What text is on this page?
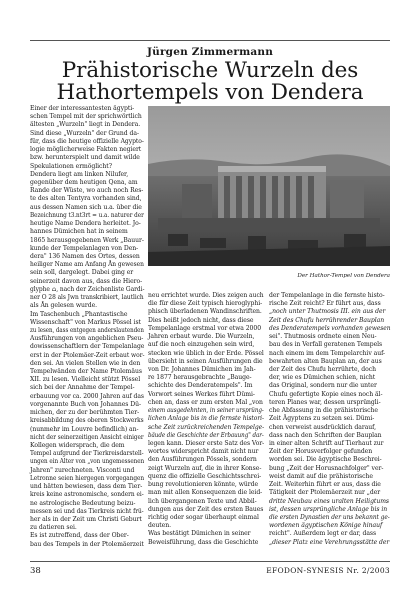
Jürgen Zimmermann
Prähistorische Wurzeln des
Hathortempels von Dendera
Einer der interessantesten ägypti-
schen Tempel mit der sprichwörtlich
ältesten „Wurzeln" liegt in Dendera.
Sind diese „Wurzeln" der Grund da-
für, dass die heutige offizielle Ägypto-
logie möglicherweise Fakten negiert
bzw. herunterspielt und damit wilde
Spekulationen ermöglicht?
Dendera liegt am linken Nilufer,
gegenüber dem heutigen Qena, am
Rande der Wüste, wo auch noch Res-
te des alten Tentyra vorhanden sind,
aus dessen Namen sich u.a. über die
Bezeichnung t3.nt3rt = u.a. naturer der
heutige Name Dendera herleitet. Jo-
hannes Dümichen hat in seinem
1865 herausgegebenen Werk „Bauur-
kunde der Tempelanlagen von Den-
dera" 136 Namen des Ortes, dessen
heiliger Name am Anfang Ån gewesen
sein soll, dargelegt. Dabei ging er
seinerzeit davon aus, dass die Hiero-
glyphe ⌂, nach der Zeichenliste Gardi-
ner O 28 als Jwn transkribiert, lautlich
als Ån gelesen wurde.
Im Taschenbuch „Phantastische
Wissenschaft" von Markus Pössel ist
zu lesen, dass entgegen anderslautenden
Ausführungen von angeblichen Pseu-
dowissenschaftlern der Tempelanlage
erst in der Ptolemäer-Zeit erbaut wor-
den sei. An vielen Stellen wie in den
Tempelwänden der Name Ptolemäus
XII. zu lesen. Vielleicht stützt Pössel
sich bei der Annahme der Tempel-
erbauung vor ca. 2000 Jahren auf das
vorgenannte Buch von Johannes Dü-
michen, der zu der berühmten Tier-
kreisabbildung des oberen Stockwerks
(nunmehr im Louvre befindlich) an-
nicht der seinerzeitigen Ansicht einiger
Kollegen widersprach, die dem
Tempel aufgrund der Tierkreisdarstell-
ungen ein Alter von „von ungemessenen
Jahren" zurechneten. Visconti und
Letronne seien hiergegen vorgegangen
und hätten bewiesen, dass dem Tier-
kreis keine astronomische, sondern ei-
ne astrologische Bedeutung beizu-
messen sei und das Tierkreis nicht frü-
her als in der Zeit um Christi Geburt
zu datieren sei.
Es ist zutreffend, dass der Ober-
bau des Tempels in der Ptolemäerzeit
Der Hathor-Tempel von Dendera
neu errichtet wurde. Dies zeigen auch
die für diese Zeit typisch hieroglyphi-
phisch überladenen Wandinschriften.
Dies heißt jedoch nicht, dass diese
Tempelanlage erstmal vor etwa 2000
Jahren erbaut wurde. Die Wurzeln,
auf die noch einzugehen sein wird,
stecken wie üblich in der Erde. Pössel
übersieht in seinen Ausführungen die
von Dr. Johannes Dümichen im Jah-
re 1877 herausgebrachte „Bauge-
schichte des Denderatempels". Im
Vorwort seines Werkes führt Dümi-
chen an, dass er zum ersten Mal „von
einem ausgedehnten, in seiner ursprüng-
lichen Anlage bis in die fernste histori-
sche Zeit zurückreichenden Tempelge-
bäude die Geschichte der Erbauung" dar-
legen kann. Dieser erste Satz des Vor-
wortes widerspricht damit nicht nur
den Ausführungen Pössels, sondern
zeigt Wurzeln auf, die in ihrer Konse-
quenz die offizielle Geschichtsschrei-
bung revolutionieren könnte, würde
man mit allen Konsequenzen die leid-
lich übergangenen Texte und Abbil-
dungen aus der Zeit des ersten Baues
richtig oder sogar überhaupt einmal
deuten.
Was bestätigt Dümichen in seiner
Beweisführung, dass die Geschichte
der Tempelanlage in die fernste histo-
rische Zeit reicht? Er führt aus, dass
„noch unter Thutmosis III. ein aus der
Zeit des Chufu herrührender Bauplan
des Denderatempels vorhanden gewesen
sei". Thutmosis ordnete einen Neu-
bau des in Verfall geratenen Tempels
nach einem im dem Tempelarchiv auf-
bewahrten alten Bauplan an, der aus
der Zeit des Chufu herrührte, doch
der, wie es Dümichen schien, nicht
das Original, sondern nur die unter
Chufu gefertigte Kopie eines noch äl-
teren Planes war, dessen ursprüngli-
che Abfassung in die prähistorische
Zeit Ägyptens zu setzen sei. Dümi-
chen verweist ausdrücklich darauf,
dass nach den Schriften der Bauplan
in einer alten Schrift auf Tierhaut zur
Zeit der Horusverfolger gefunden
worden sei. Die ägyptische Beschrei-
bung „Zeit der Horusnachfolger" ver-
weist damit auf die prähistorische
Zeit. Weiterhin führt er aus, dass die
Tätigkeit der Ptolemäerzeit nur „der
dritte Neubau eines uralten Heiligtums
ist, dessen ursprüngliche Anlage bis in
die ersten Dynastien der uns bekannt ge-
wordenen ägyptischen Könige hinauf
reicht". Außerdem legt er dar, dass
„dieser Platz eine Verehrungsstätte der
38	EFODON-SYNESIS Nr. 2/2003
